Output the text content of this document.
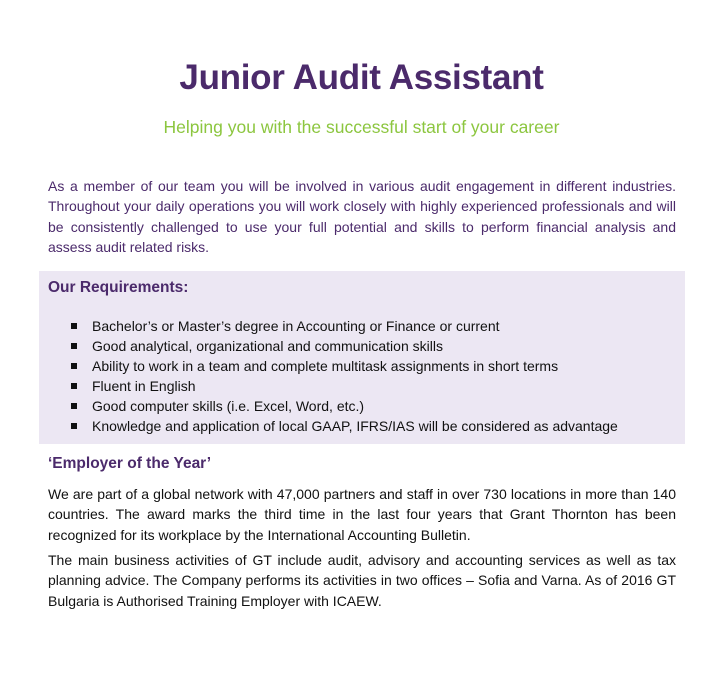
Junior Audit Assistant

Helping you with the successful start of your career

As a member of our team you will be involved in various audit engagement in different industries. Throughout your daily operations you will work closely with highly experienced professionals and will be consistently challenged to use your full potential and skills to perform financial analysis and assess audit related risks.

Our Requirements:
Bachelor’s or Master’s degree in Accounting or Finance or current
Good analytical, organizational and communication skills
Ability to work in a team and complete multitask assignments in short terms
Fluent in English
Good computer skills (i.e. Excel, Word, etc.)
Knowledge and application of local GAAP, IFRS/IAS will be considered as advantage
‘Employer of the Year’

We are part of a global network with 47,000 partners and staff in over 730 locations in more than 140 countries. The award marks the third time in the last four years that Grant Thornton has been recognized for its workplace by the International Accounting Bulletin.

The main business activities of GT include audit, advisory and accounting services as well as tax planning advice. The Company performs its activities in two offices – Sofia and Varna. As of 2016 GT Bulgaria is Authorised Training Employer with ICAEW.
